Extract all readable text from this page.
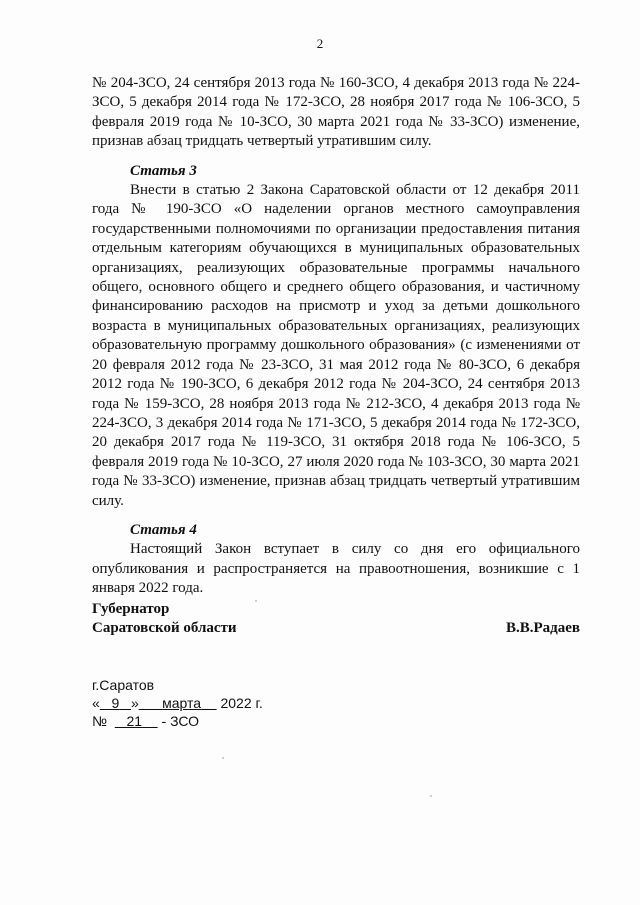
2

№ 204-ЗСО, 24 сентября 2013 года № 160-ЗСО, 4 декабря 2013 года № 224-ЗСО, 5 декабря 2014 года № 172-ЗСО, 28 ноября 2017 года № 106-ЗСО, 5 февраля 2019 года № 10-ЗСО, 30 марта 2021 года № 33-ЗСО) изменение, признав абзац тридцать четвертый утратившим силу.

Статья 3

Внести в статью 2 Закона Саратовской области от 12 декабря 2011 года № 190-ЗСО «О наделении органов местного самоуправления государственными полномочиями по организации предоставления питания отдельным категориям обучающихся в муниципальных образовательных организациях, реализующих образовательные программы начального общего, основного общего и среднего общего образования, и частичному финансированию расходов на присмотр и уход за детьми дошкольного возраста в муниципальных образовательных организациях, реализующих образовательную программу дошкольного образования» (с изменениями от 20 февраля 2012 года № 23-ЗСО, 31 мая 2012 года № 80-ЗСО, 6 декабря 2012 года № 190-ЗСО, 6 декабря 2012 года № 204-ЗСО, 24 сентября 2013 года № 159-ЗСО, 28 ноября 2013 года № 212-ЗСО, 4 декабря 2013 года № 224-ЗСО, 3 декабря 2014 года № 171-ЗСО, 5 декабря 2014 года № 172-ЗСО, 20 декабря 2017 года № 119-ЗСО, 31 октября 2018 года № 106-ЗСО, 5 февраля 2019 года № 10-ЗСО, 27 июля 2020 года № 103-ЗСО, 30 марта 2021 года № 33-ЗСО) изменение, признав абзац тридцать четвертый утратившим силу.

Статья 4

Настоящий Закон вступает в силу со дня его официального опубликования и распространяется на правоотношения, возникшие с 1 января 2022 года.

Губернатор
Саратовской области	В.В.Радаев
г.Саратов
« 9 » марта 2022 г.
№ 21 - ЗСО
